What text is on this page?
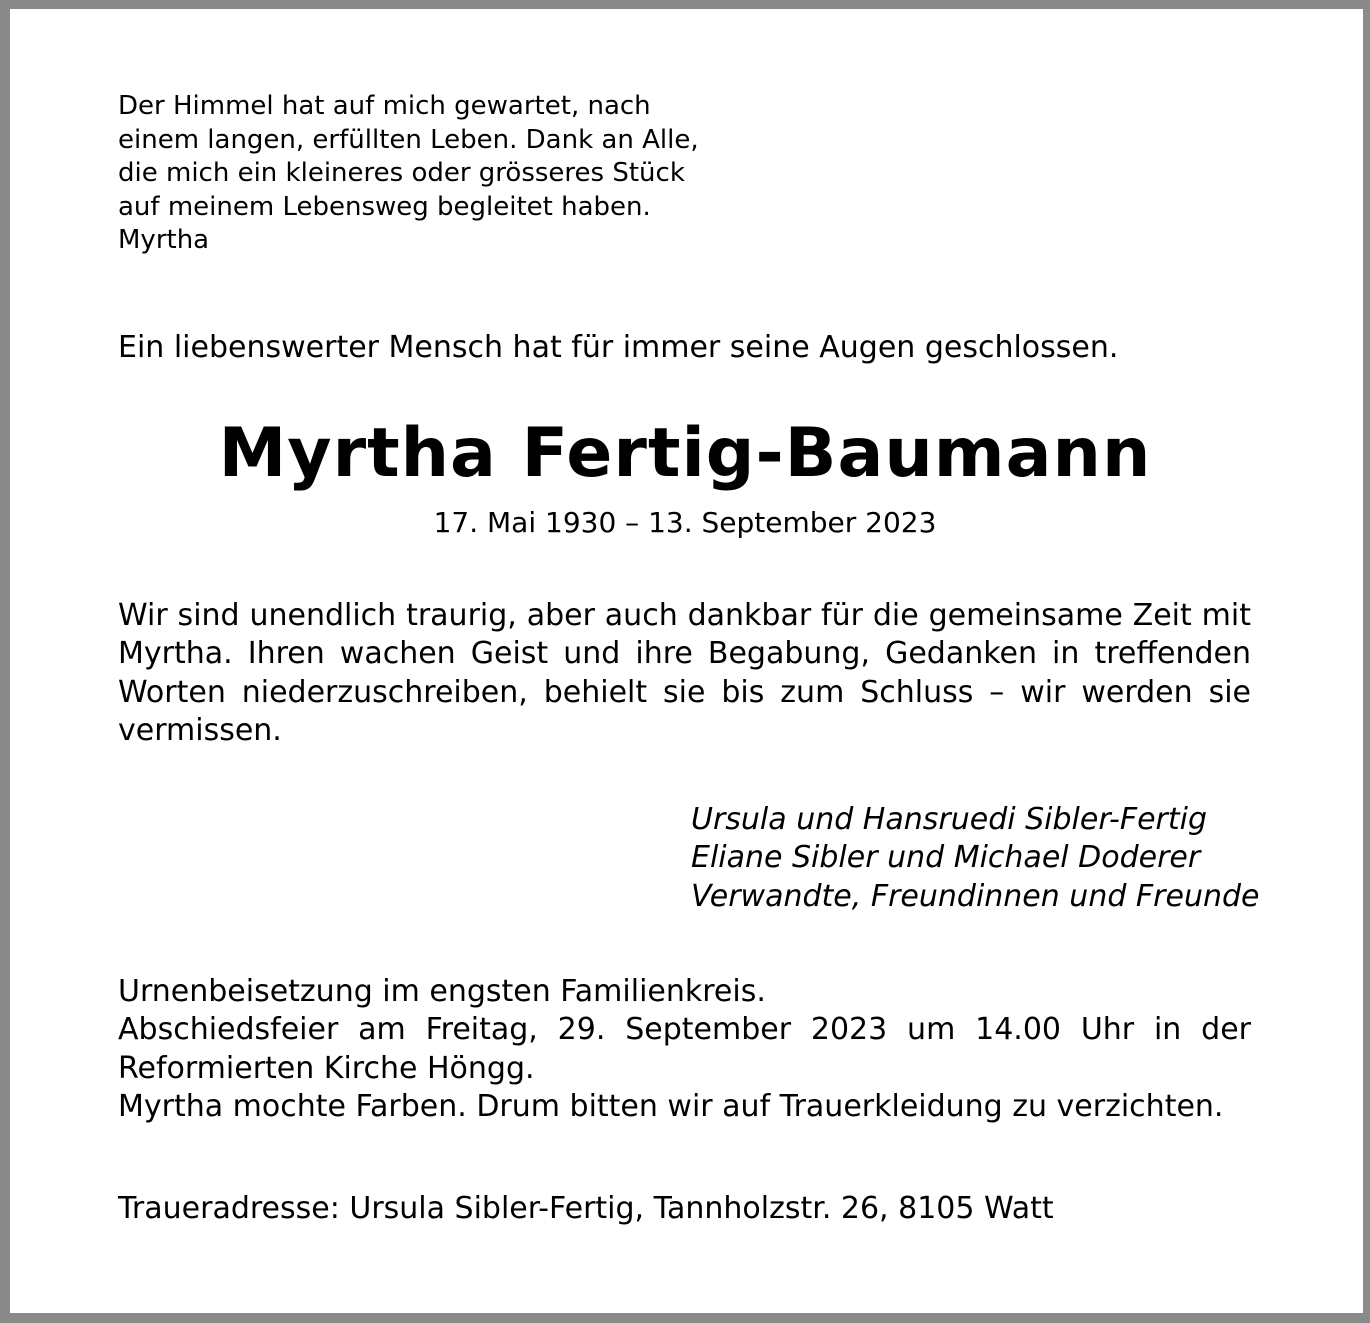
Der Himmel hat auf mich gewartet, nach
einem langen, erfüllten Leben. Dank an Alle,
die mich ein kleineres oder grösseres Stück
auf meinem Lebensweg begleitet haben.
Myrtha

Ein liebenswerter Mensch hat für immer seine Augen geschlossen.

Myrtha Fertig-Baumann

17. Mai 1930 – 13. September 2023

Wir sind unendlich traurig, aber auch dankbar für die gemeinsame Zeit mit Myrtha. Ihren wachen Geist und ihre Begabung, Gedanken in treffenden Worten niederzuschreiben, behielt sie bis zum Schluss – wir werden sie vermissen.

Ursula und Hansruedi Sibler-Fertig
Eliane Sibler und Michael Doderer
Verwandte, Freundinnen und Freunde
Urnenbeisetzung im engsten Familienkreis.
Abschiedsfeier am Freitag, 29. September 2023 um 14.00 Uhr in der Reformierten Kirche Höngg.
Myrtha mochte Farben. Drum bitten wir auf Trauerkleidung zu verzichten.

Traueradresse: Ursula Sibler-Fertig, Tannholzstr. 26, 8105 Watt
